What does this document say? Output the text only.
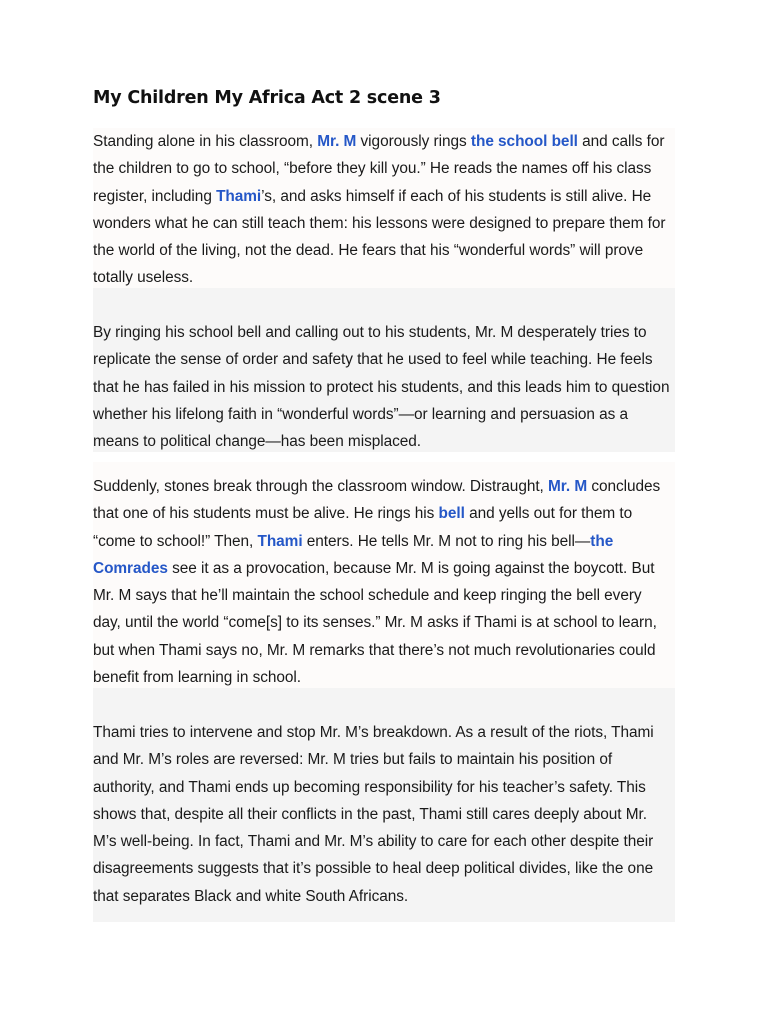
My Children My Africa Act 2 scene 3
Standing alone in his classroom, Mr. M vigorously rings the school bell and calls for the children to go to school, “before they kill you.” He reads the names off his class register, including Thami’s, and asks himself if each of his students is still alive. He wonders what he can still teach them: his lessons were designed to prepare them for the world of the living, not the dead. He fears that his “wonderful words” will prove totally useless.
By ringing his school bell and calling out to his students, Mr. M desperately tries to replicate the sense of order and safety that he used to feel while teaching. He feels that he has failed in his mission to protect his students, and this leads him to question whether his lifelong faith in “wonderful words”—or learning and persuasion as a means to political change—has been misplaced.
Suddenly, stones break through the classroom window. Distraught, Mr. M concludes that one of his students must be alive. He rings his bell and yells out for them to “come to school!” Then, Thami enters. He tells Mr. M not to ring his bell—the Comrades see it as a provocation, because Mr. M is going against the boycott. But Mr. M says that he’ll maintain the school schedule and keep ringing the bell every day, until the world “come[s] to its senses.” Mr. M asks if Thami is at school to learn, but when Thami says no, Mr. M remarks that there’s not much revolutionaries could benefit from learning in school.
Thami tries to intervene and stop Mr. M’s breakdown. As a result of the riots, Thami and Mr. M’s roles are reversed: Mr. M tries but fails to maintain his position of authority, and Thami ends up becoming responsibility for his teacher’s safety. This shows that, despite all their conflicts in the past, Thami still cares deeply about Mr. M’s well-being. In fact, Thami and Mr. M’s ability to care for each other despite their disagreements suggests that it’s possible to heal deep political divides, like the one that separates Black and white South Africans.
